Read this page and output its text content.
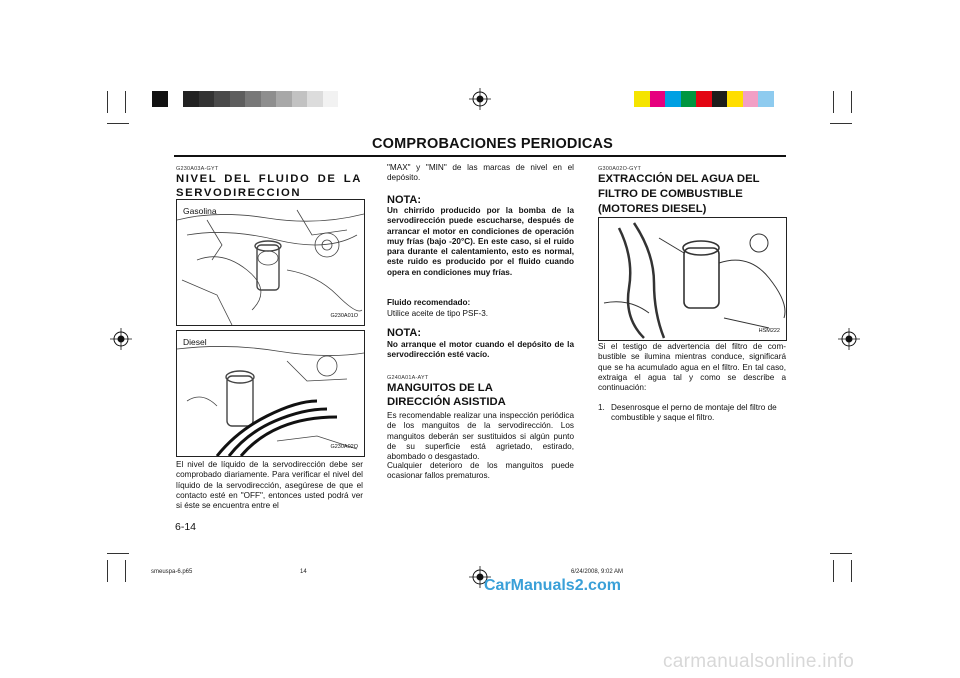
COMPROBACIONES PERIODICAS
G230A03A-GYT
NIVEL DEL FLUIDO DE LA SERVODIRECCION
Gasolina
G230A01O
Diesel
G230A02O
El nivel de líquido de la servodirección debe ser comprobado diariamente. Para verificar el nivel del líquido de la servodirección, asegúrese de que el contacto esté en "OFF", entonces usted podrá ver si éste se encuentra entre el
6-14
"MAX" y "MIN" de las marcas de nivel en el depósito.
NOTA:
Un chirrido producido por la bomba de la servodirección puede escucharse, después de arrancar el motor en condiciones de operación muy frías (bajo -20°C). En este caso, si el ruido para durante el calentamiento, esto es normal, este ruido es producido por el fluido cuando opera en condiciones muy frías.
Fluido recomendado:
Utilice aceite de tipo PSF-3.
NOTA:
No arranque el motor cuando el depósito de la servodirección esté vacío.
G240A01A-AYT
MANGUITOS DE LA DIRECCIÓN ASISTIDA
Es recomendable realizar una inspección periódica de los manguitos de la servodirección. Los manguitos deberán ser sustituidos si algún punto de su superficie está agrietado, estirado, abombado o desgastado.
Cualquier deterioro de los manguitos puede ocasionar fallos prematuros.
G300A02O-GYT
EXTRACCIÓN DEL AGUA DEL FILTRO DE COMBUSTIBLE (MOTORES DIESEL)
HSM222
Si el testigo de advertencia del filtro de com-bustible se ilumina mientras conduce, significará que se ha acumulado agua en el filtro. En tal caso, extraiga el agua tal y como se describe a continuación:
1. Desenrosque el perno de montaje del filtro de combustible y saque el filtro.
smeuspa-6.p65	14	6/24/2008, 9:02 AM
CarManuals2.com
carmanualsonline.info
